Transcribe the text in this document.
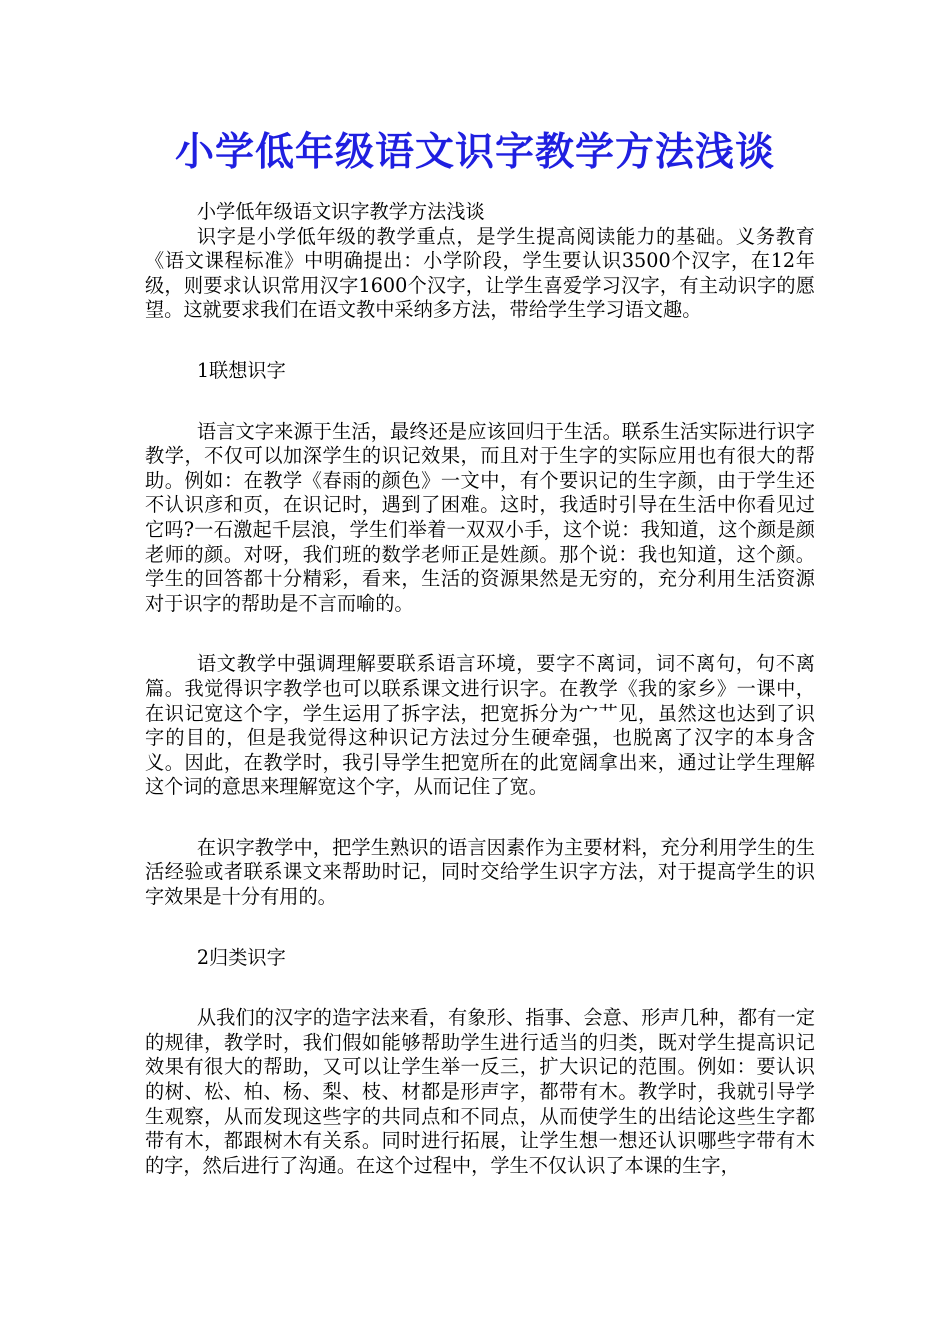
小学低年级语文识字教学方法浅谈

小学低年级语文识字教学方法浅谈

识字是小学低年级的教学重点，是学生提高阅读能力的基础。义务教育《语文课程标准》中明确提出：小学阶段，学生要认识3500个汉字，在12年级，则要求认识常用汉字1600个汉字，让学生喜爱学习汉字，有主动识字的愿望。这就要求我们在语文教中采纳多方法，带给学生学习语文趣。

1联想识字

语言文字来源于生活，最终还是应该回归于生活。联系生活实际进行识字教学，不仅可以加深学生的识记效果，而且对于生字的实际应用也有很大的帮助。例如：在教学《春雨的颜色》一文中，有个要识记的生字颜，由于学生还不认识彦和页，在识记时，遇到了困难。这时，我适时引导在生活中你看见过它吗?一石激起千层浪，学生们举着一双双小手，这个说：我知道，这个颜是颜老师的颜。对呀，我们班的数学老师正是姓颜。那个说：我也知道，这个颜。学生的回答都十分精彩，看来，生活的资源果然是无穷的，充分利用生活资源对于识字的帮助是不言而喻的。

语文教学中强调理解要联系语言环境，要字不离词，词不离句，句不离篇。我觉得识字教学也可以联系课文进行识字。在教学《我的家乡》一课中，在识记宽这个字，学生运用了拆字法，把宽拆分为宀艹见，虽然这也达到了识字的目的，但是我觉得这种识记方法过分生硬牵强，也脱离了汉字的本身含义。因此，在教学时，我引导学生把宽所在的此宽阔拿出来，通过让学生理解这个词的意思来理解宽这个字，从而记住了宽。

在识字教学中，把学生熟识的语言因素作为主要材料，充分利用学生的生活经验或者联系课文来帮助时记，同时交给学生识字方法，对于提高学生的识字效果是十分有用的。

2归类识字

从我们的汉字的造字法来看，有象形、指事、会意、形声几种，都有一定的规律，教学时，我们假如能够帮助学生进行适当的归类，既对学生提高识记效果有很大的帮助，又可以让学生举一反三，扩大识记的范围。例如：要认识的树、松、柏、杨、梨、枝、材都是形声字，都带有木。教学时，我就引导学生观察，从而发现这些字的共同点和不同点，从而使学生的出结论这些生字都带有木，都跟树木有关系。同时进行拓展，让学生想一想还认识哪些字带有木的字，然后进行了沟通。在这个过程中，学生不仅认识了本课的生字，
